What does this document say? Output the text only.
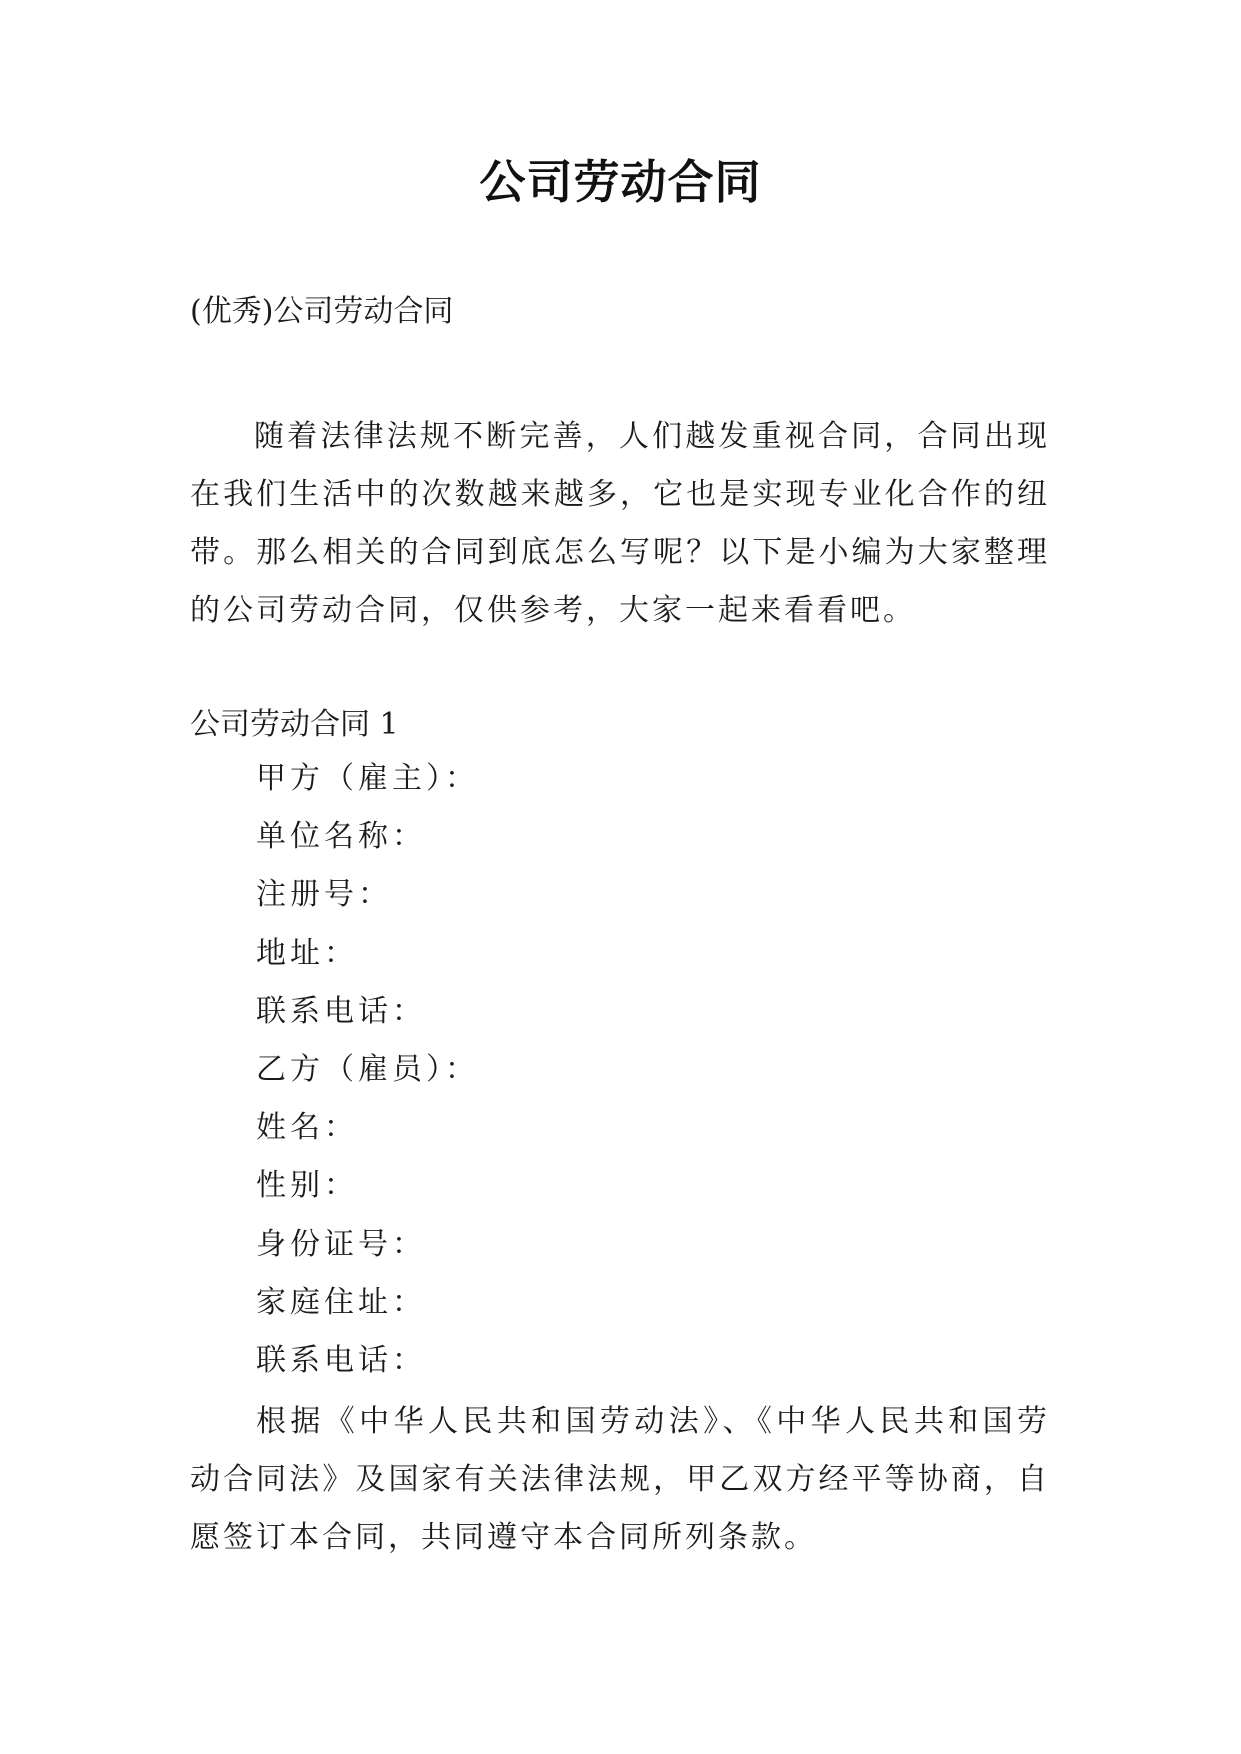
公司劳动合同
(优秀)公司劳动合同

随着法律法规不断完善，人们越发重视合同，合同出现在我们生活中的次数越来越多，它也是实现专业化合作的纽带。那么相关的合同到底怎么写呢？以下是小编为大家整理的公司劳动合同，仅供参考，大家一起来看看吧。

公司劳动合同 1
甲方（雇主）：
单位名称：
注册号：
地址：
联系电话：
乙方（雇员）：
姓名：
性别：
身份证号：
家庭住址：
联系电话：

根据《中华人民共和国劳动法》、《中华人民共和国劳动合同法》及国家有关法律法规，甲乙双方经平等协商，自愿签订本合同，共同遵守本合同所列条款。
